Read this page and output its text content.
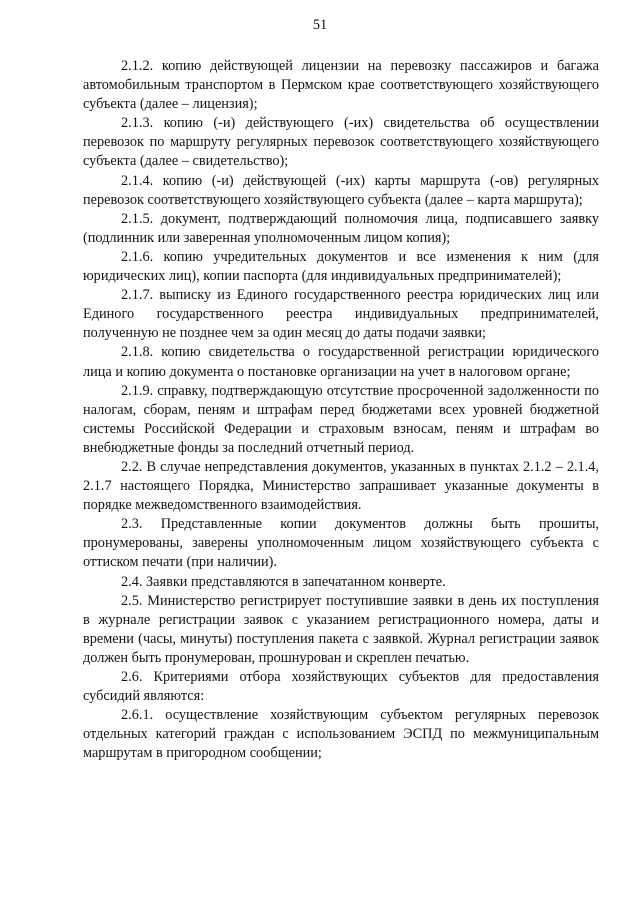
51

2.1.2. копию действующей лицензии на перевозку пассажиров и багажа автомобильным транспортом в Пермском крае соответствующего хозяйствующего субъекта (далее – лицензия);

2.1.3. копию (-и) действующего (-их) свидетельства об осуществлении перевозок по маршруту регулярных перевозок соответствующего хозяйствующего субъекта (далее – свидетельство);

2.1.4. копию (-и) действующей (-их) карты маршрута (-ов) регулярных перевозок соответствующего хозяйствующего субъекта (далее – карта маршрута);

2.1.5. документ, подтверждающий полномочия лица, подписавшего заявку (подлинник или заверенная уполномоченным лицом копия);

2.1.6. копию учредительных документов и все изменения к ним (для юридических лиц), копии паспорта (для индивидуальных предпринимателей);

2.1.7. выписку из Единого государственного реестра юридических лиц или Единого государственного реестра индивидуальных предпринимателей, полученную не позднее чем за один месяц до даты подачи заявки;

2.1.8. копию свидетельства о государственной регистрации юридического лица и копию документа о постановке организации на учет в налоговом органе;

2.1.9. справку, подтверждающую отсутствие просроченной задолженности по налогам, сборам, пеням и штрафам перед бюджетами всех уровней бюджетной системы Российской Федерации и страховым взносам, пеням и штрафам во внебюджетные фонды за последний отчетный период.

2.2. В случае непредставления документов, указанных в пунктах 2.1.2 – 2.1.4, 2.1.7 настоящего Порядка, Министерство запрашивает указанные документы в порядке межведомственного взаимодействия.

2.3. Представленные копии документов должны быть прошиты, пронумерованы, заверены уполномоченным лицом хозяйствующего субъекта с оттиском печати (при наличии).

2.4. Заявки представляются в запечатанном конверте.

2.5. Министерство регистрирует поступившие заявки в день их поступления в журнале регистрации заявок с указанием регистрационного номера, даты и времени (часы, минуты) поступления пакета с заявкой. Журнал регистрации заявок должен быть пронумерован, прошнурован и скреплен печатью.

2.6. Критериями отбора хозяйствующих субъектов для предоставления субсидий являются:

2.6.1. осуществление хозяйствующим субъектом регулярных перевозок отдельных категорий граждан с использованием ЭСПД по межмуниципальным маршрутам в пригородном сообщении;
